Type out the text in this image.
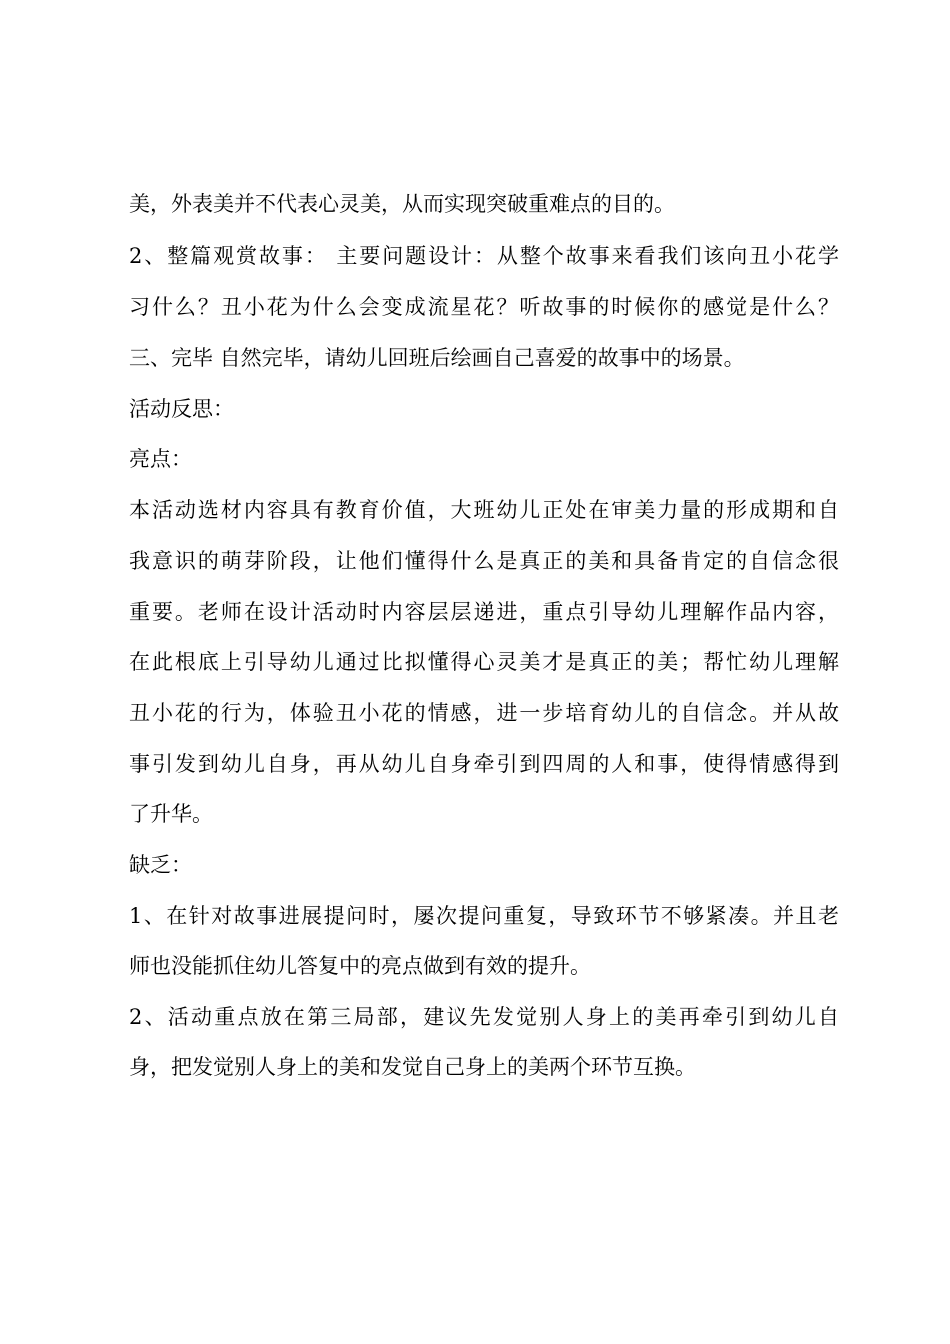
美，外表美并不代表心灵美，从而实现突破重难点的目的。

2、整篇观赏故事： 主要问题设计：从整个故事来看我们该向丑小花学

习什么？丑小花为什么会变成流星花？听故事的时候你的感觉是什么？

三、完毕 自然完毕，请幼儿回班后绘画自己喜爱的故事中的场景。

活动反思：

亮点：

本活动选材内容具有教育价值，大班幼儿正处在审美力量的形成期和自

我意识的萌芽阶段，让他们懂得什么是真正的美和具备肯定的自信念很

重要。老师在设计活动时内容层层递进，重点引导幼儿理解作品内容，

在此根底上引导幼儿通过比拟懂得心灵美才是真正的美；帮忙幼儿理解

丑小花的行为，体验丑小花的情感，进一步培育幼儿的自信念。并从故

事引发到幼儿自身，再从幼儿自身牵引到四周的人和事，使得情感得到

了升华。

缺乏：

1、在针对故事进展提问时，屡次提问重复，导致环节不够紧凑。并且老

师也没能抓住幼儿答复中的亮点做到有效的提升。

2、活动重点放在第三局部，建议先发觉别人身上的美再牵引到幼儿自

身，把发觉别人身上的美和发觉自己身上的美两个环节互换。
